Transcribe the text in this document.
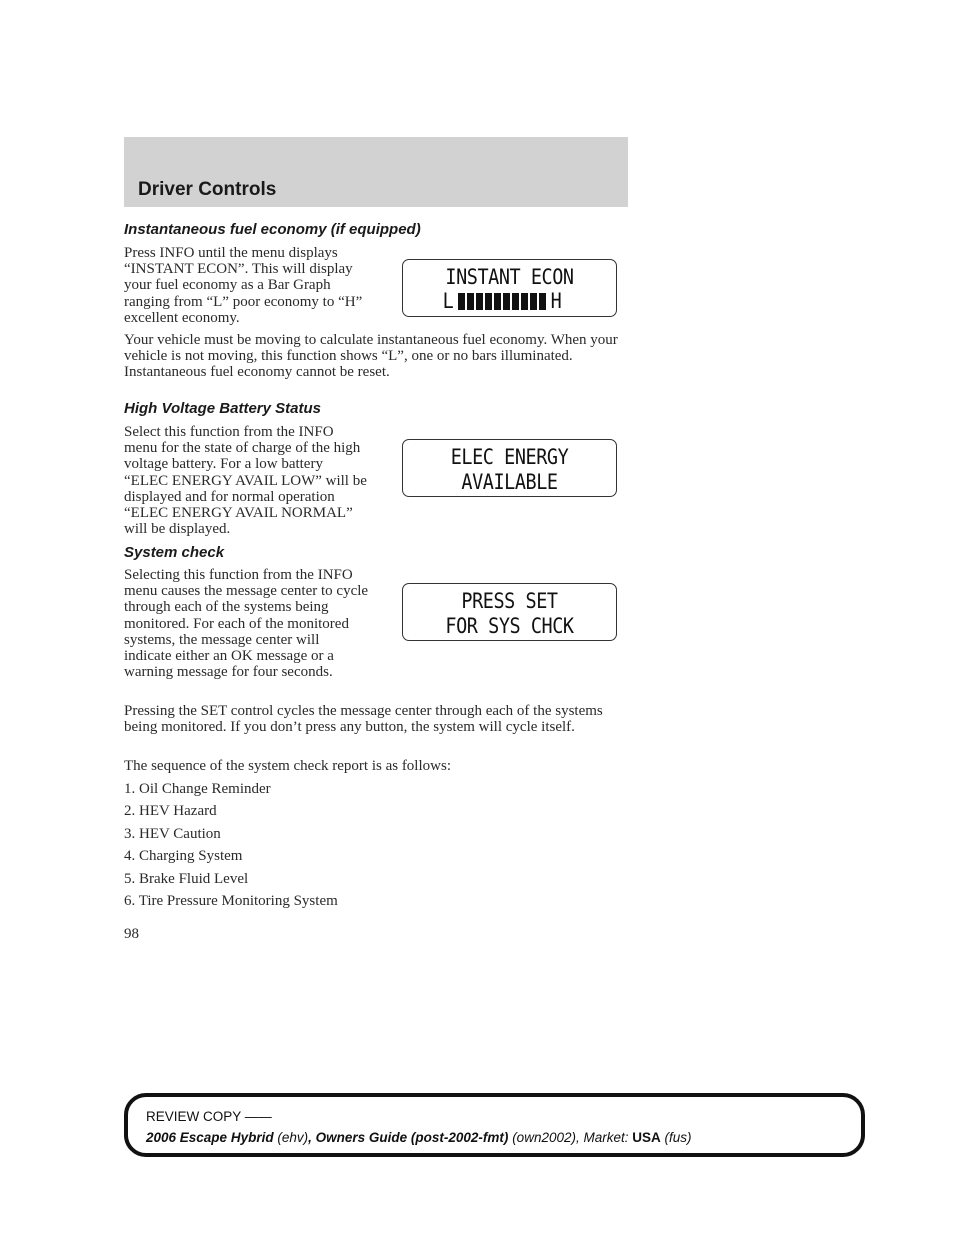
Driver Controls
Instantaneous fuel economy (if equipped)

Press INFO until the menu displays “INSTANT ECON”. This will display your fuel economy as a Bar Graph ranging from “L” poor economy to “H” excellent economy.

INSTANT ECON
L	H

Your vehicle must be moving to calculate instantaneous fuel economy. When your vehicle is not moving, this function shows “L”, one or no bars illuminated. Instantaneous fuel economy cannot be reset.

High Voltage Battery Status

Select this function from the INFO menu for the state of charge of the high voltage battery. For a low battery “ELEC ENERGY AVAIL LOW” will be displayed and for normal operation “ELEC ENERGY AVAIL NORMAL” will be displayed.

ELEC ENERGY
AVAILABLE
System check

Selecting this function from the INFO menu causes the message center to cycle through each of the systems being monitored. For each of the monitored systems, the message center will indicate either an OK message or a warning message for four seconds.

PRESS SET
FOR SYS CHCK

Pressing the SET control cycles the message center through each of the systems being monitored. If you don’t press any button, the system will cycle itself.

The sequence of the system check report is as follows:

1. Oil Change Reminder

2. HEV Hazard

3. HEV Caution

4. Charging System

5. Brake Fluid Level

6. Tire Pressure Monitoring System

98
REVIEW COPY ——
2006 Escape Hybrid (ehv), Owners Guide (post-2002-fmt) (own2002), Market: USA (fus)
